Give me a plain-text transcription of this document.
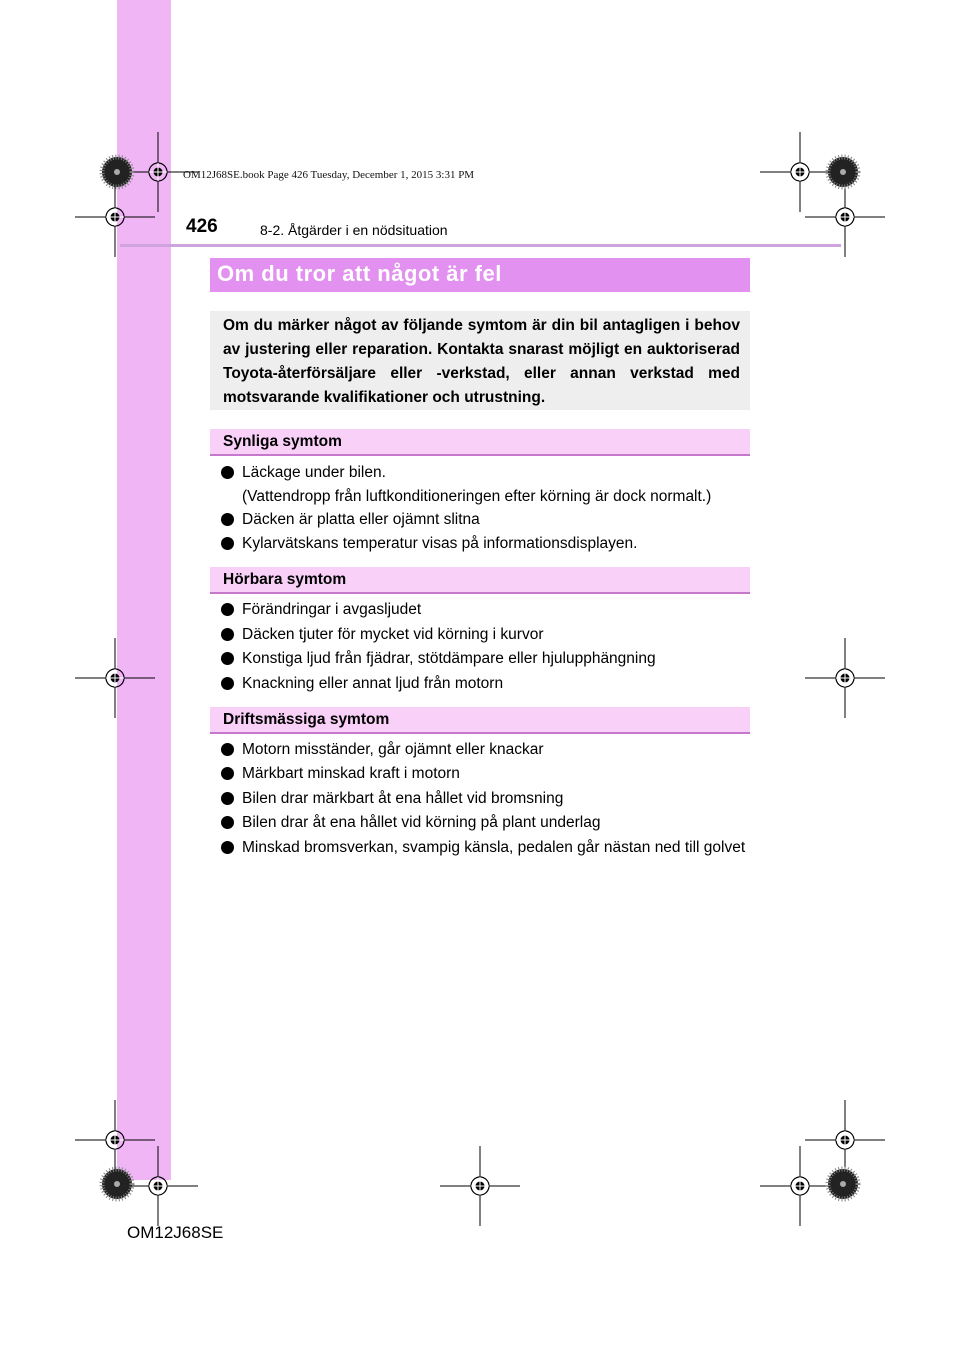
OM12J68SE.book Page 426 Tuesday, December 1, 2015 3:31 PM
426	8-2. Åtgärder i en nödsituation
Om du tror att något är fel

Om du märker något av följande symtom är din bil antagligen i behov av justering eller reparation. Kontakta snarast möjligt en auktoriserad Toyota-återförsäljare eller -verkstad, eller annan verkstad med motsvarande kvalifikationer och utrustning.

Synliga symtom
Läckage under bilen.
(Vattendropp från luftkonditioneringen efter körning är dock normalt.)
Däcken är platta eller ojämnt slitna
Kylarvätskans temperatur visas på informationsdisplayen.
Hörbara symtom
Förändringar i avgasljudet
Däcken tjuter för mycket vid körning i kurvor
Konstiga ljud från fjädrar, stötdämpare eller hjulupphängning
Knackning eller annat ljud från motorn
Driftsmässiga symtom
Motorn misständer, går ojämnt eller knackar
Märkbart minskad kraft i motorn
Bilen drar märkbart åt ena hållet vid bromsning
Bilen drar åt ena hållet vid körning på plant underlag
Minskad bromsverkan, svampig känsla, pedalen går nästan ned till golvet
OM12J68SE
